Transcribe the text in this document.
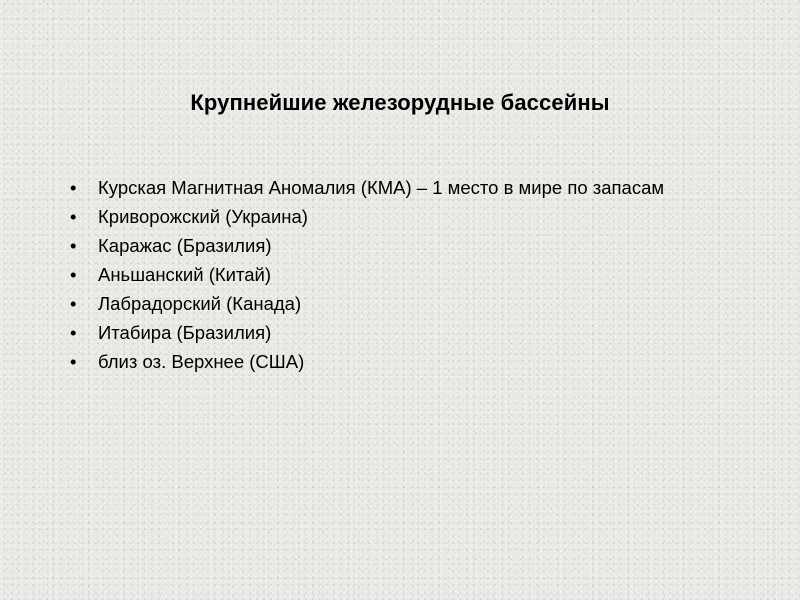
Крупнейшие железорудные бассейны
•	Курская Магнитная Аномалия (КМА) – 1 место в мире по запасам
•	Криворожский (Украина)
•	Каражас (Бразилия)
•	Аньшанский (Китай)
•	Лабрадорский (Канада)
•	Итабира (Бразилия)
•	близ оз. Верхнее (США)
